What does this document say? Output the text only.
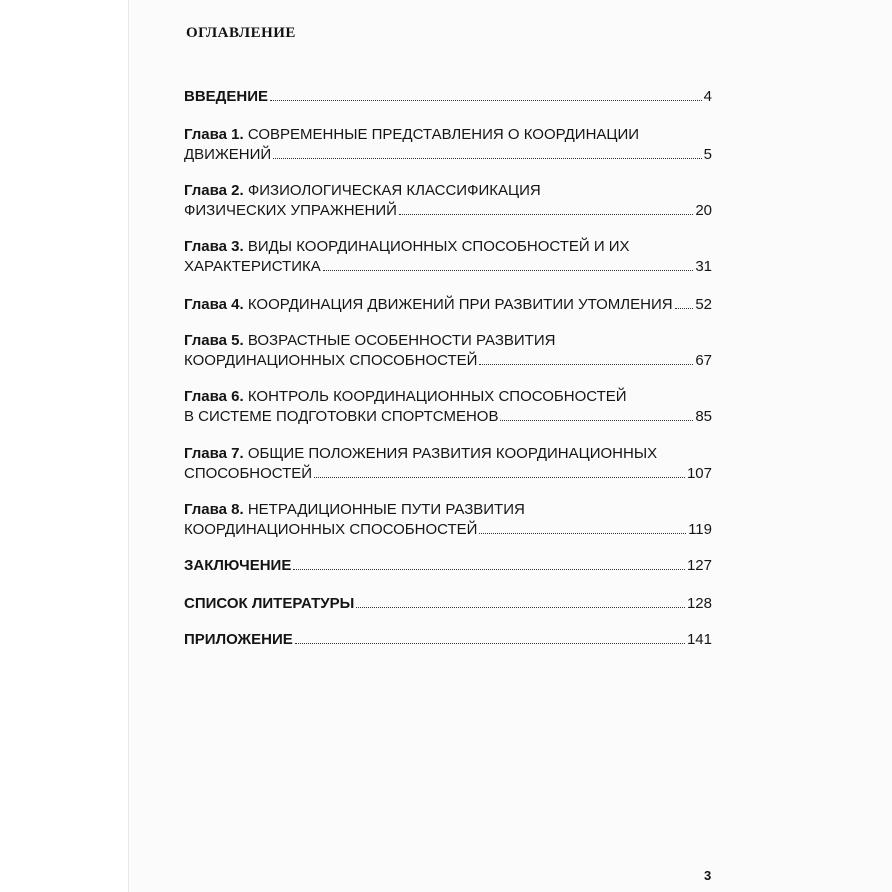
ОГЛАВЛЕНИЕ
ВВЕДЕНИЕ	4
Глава 1.
СОВРЕМЕННЫЕ ПРЕДСТАВЛЕНИЯ О КООРДИНАЦИИ
ДВИЖЕНИЙ	5
Глава 2.
ФИЗИОЛОГИЧЕСКАЯ КЛАССИФИКАЦИЯ
ФИЗИЧЕСКИХ УПРАЖНЕНИЙ	20
Глава 3.
ВИДЫ КООРДИНАЦИОННЫХ СПОСОБНОСТЕЙ И ИХ
ХАРАКТЕРИСТИКА	31
Глава 4.
КООРДИНАЦИЯ ДВИЖЕНИЙ ПРИ РАЗВИТИИ УТОМЛЕНИЯ 52
Глава 5.
ВОЗРАСТНЫЕ ОСОБЕННОСТИ РАЗВИТИЯ
КООРДИНАЦИОННЫХ СПОСОБНОСТЕЙ	67
Глава 6.
КОНТРОЛЬ КООРДИНАЦИОННЫХ СПОСОБНОСТЕЙ
В СИСТЕМЕ ПОДГОТОВКИ СПОРТСМЕНОВ	85
Глава 7.
ОБЩИЕ ПОЛОЖЕНИЯ РАЗВИТИЯ КООРДИНАЦИОННЫХ
СПОСОБНОСТЕЙ	107
Глава 8.
НЕТРАДИЦИОННЫЕ ПУТИ РАЗВИТИЯ
КООРДИНАЦИОННЫХ СПОСОБНОСТЕЙ	119
ЗАКЛЮЧЕНИЕ	127
СПИСОК ЛИТЕРАТУРЫ	128
ПРИЛОЖЕНИЕ	141
3
